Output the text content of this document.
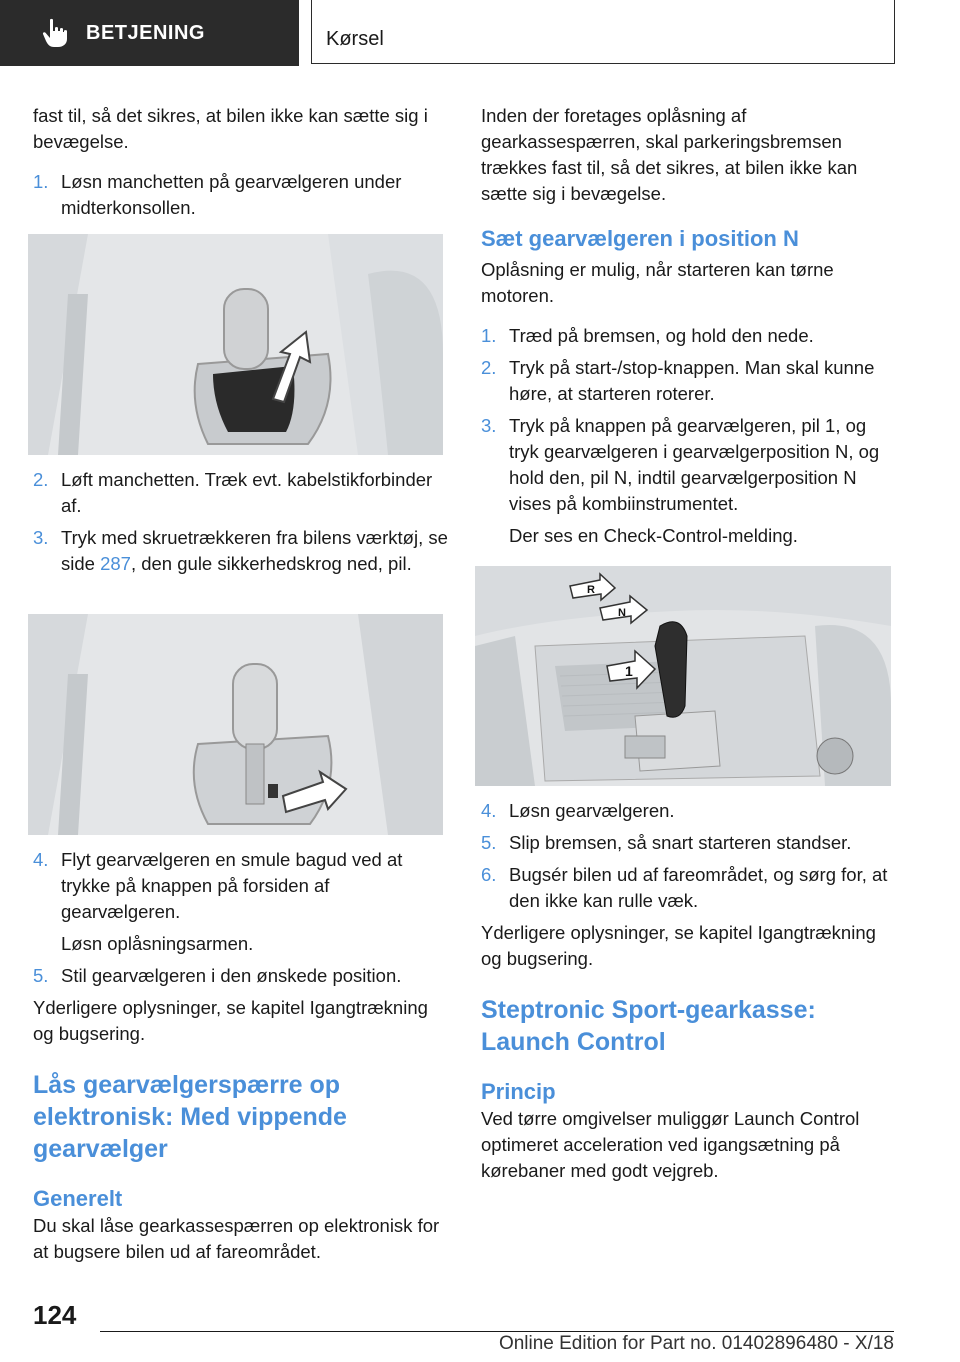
BETJENING	Kørsel

fast til, så det sikres, at bilen ikke kan sætte sig i bevægelse.

1. Løsn manchetten på gearvælgeren under midterkonsollen.
2. Løft manchetten. Træk evt. kabelstikforbinder af.
3. Tryk med skruetrækkeren fra bilens værktøj, se side 287, den gule sikkerhedskrog ned, pil.
4. Flyt gearvælgeren en smule bagud ved at trykke på knappen på forsiden af gearvælgeren.

Løsn oplåsningsarmen.

5. Stil gearvælgeren i den ønskede position.

Yderligere oplysninger, se kapitel Igangtrækning og bugsering.

Lås gearvælgerspærre op elektronisk: Med vippende gearvælger
Generelt

Du skal låse gearkassespærren op elektronisk for at bugsere bilen ud af fareområdet.

Inden der foretages oplåsning af gearkassespærren, skal parkeringsbremsen trækkes fast til, så det sikres, at bilen ikke kan sætte sig i bevægelse.

Sæt gearvælgeren i position N

Oplåsning er mulig, når starteren kan tørne motoren.

1. Træd på bremsen, og hold den nede.
2. Tryk på start-/stop-knappen. Man skal kunne høre, at starteren roterer.
3. Tryk på knappen på gearvælgeren, pil 1, og tryk gearvælgeren i gearvælgerposition N, og hold den, pil N, indtil gearvælgerposition N vises på kombiinstrumentet.

Der ses en Check-Control-melding.

R
N
1
4. Løsn gearvælgeren.
5. Slip bremsen, så snart starteren standser.
6. Bugsér bilen ud af fareområdet, og sørg for, at den ikke kan rulle væk.

Yderligere oplysninger, se kapitel Igangtrækning og bugsering.

Steptronic Sport-gearkasse: Launch Control
Princip

Ved tørre omgivelser muliggør Launch Control optimeret acceleration ved igangsætning på kørebaner med godt vejgreb.

124
Online Edition for Part no. 01402896480 - X/18
